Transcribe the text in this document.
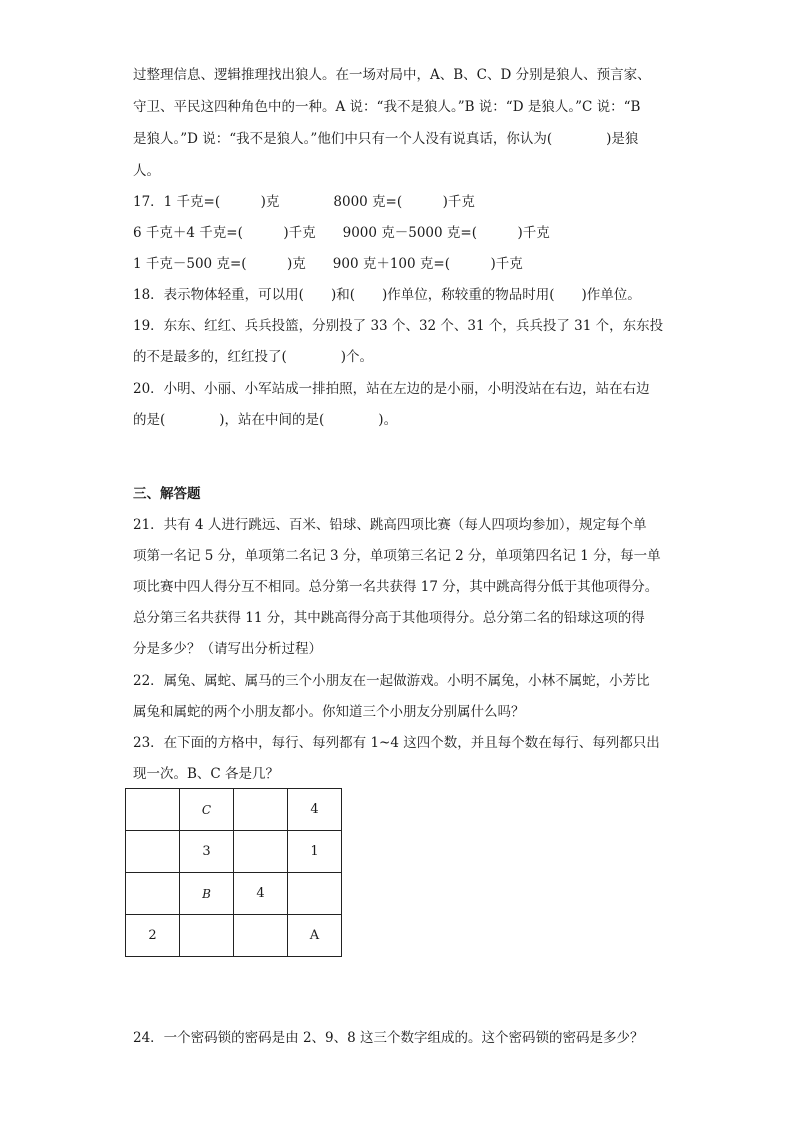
过整理信息、逻辑推理找出狼人。在一场对局中，A、B、C、D 分别是狼人、预言家、
守卫、平民这四种角色中的一种。A 说：“我不是狼人。”B 说：“D 是狼人。”C 说：“B
是狼人。”D 说：“我不是狼人。”他们中只有一个人没有说真话，你认为(　　　　)是狼
人。
17．1 千克=(　　　)克　　　　8000 克=(　　　)千克
6 千克＋4 千克=(　　　)千克　　9000 克－5000 克=(　　　)千克
1 千克－500 克=(　　　)克　　900 克＋100 克=(　　　)千克
18．表示物体轻重，可以用(　　)和(　　)作单位，称较重的物品时用(　　)作单位。
19．东东、红红、兵兵投篮，分别投了 33 个、32 个、31 个，兵兵投了 31 个，东东投
的不是最多的，红红投了(　　　　)个。
20．小明、小丽、小军站成一排拍照，站在左边的是小丽，小明没站在右边，站在右边
的是(　　　　)，站在中间的是(　　　　)。
三、解答题
21．共有 4 人进行跳远、百米、铅球、跳高四项比赛（每人四项均参加），规定每个单
项第一名记 5 分，单项第二名记 3 分，单项第三名记 2 分，单项第四名记 1 分，每一单
项比赛中四人得分互不相同。总分第一名共获得 17 分，其中跳高得分低于其他项得分。
总分第三名共获得 11 分，其中跳高得分高于其他项得分。总分第二名的铅球这项的得
分是多少？（请写出分析过程）
22．属兔、属蛇、属马的三个小朋友在一起做游戏。小明不属兔，小林不属蛇，小芳比
属兔和属蛇的两个小朋友都小。你知道三个小朋友分别属什么吗？
23．在下面的方格中，每行、每列都有 1~4 这四个数，并且每个数在每行、每列都只出
现一次。B、C 各是几？
	C		4
	3		1
	B	4	
2			A
24．一个密码锁的密码是由 2、9、8 这三个数字组成的。这个密码锁的密码是多少？
